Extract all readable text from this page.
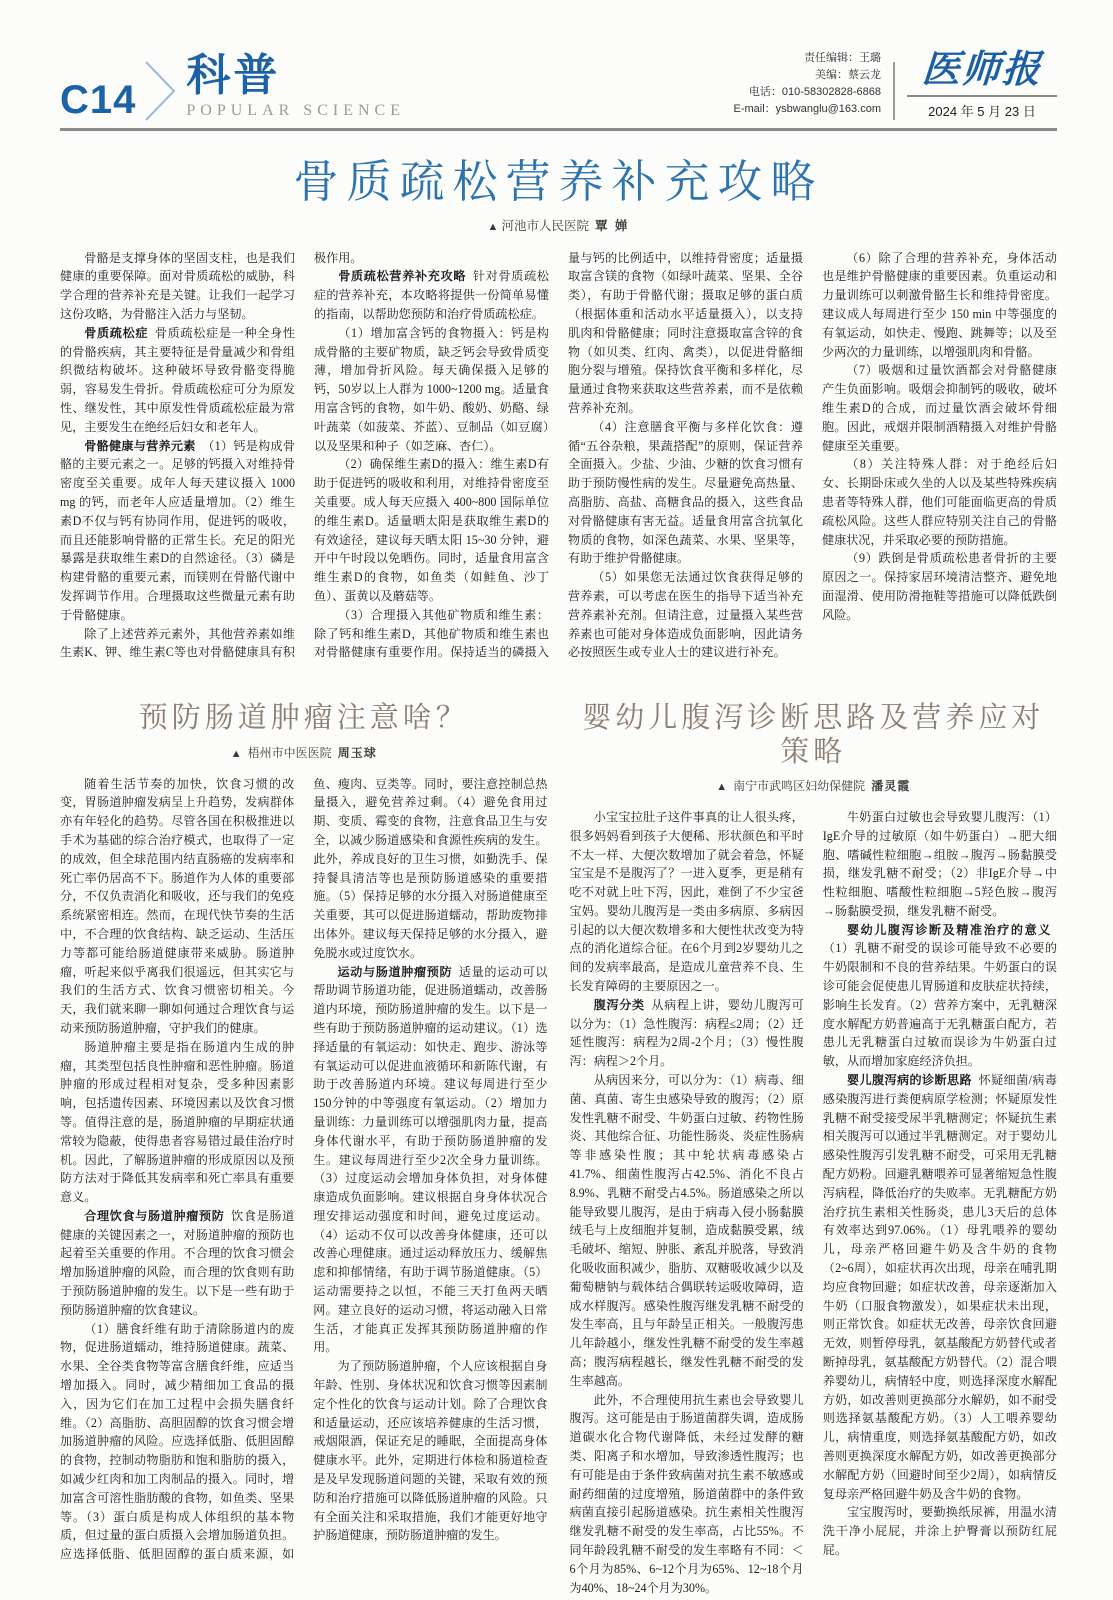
C14 科普
POPULAR SCIENCE
责任编辑：王璐
美编：蔡云龙
电话：010-58302828-6868
E-mail：ysbwanglu@163.com
医师报
2024 年 5 月 23 日
骨质疏松营养补充攻略
▲ 河池市人民医院 覃 婵

骨骼是支撑身体的坚固支柱，也是我们健康的重要保障。面对骨质疏松的威胁，科学合理的营养补充是关键。让我们一起学习这份攻略，为骨骼注入活力与坚韧。

骨质疏松症 骨质疏松症是一种全身性的骨骼疾病，其主要特征是骨量减少和骨组织微结构破坏。这种破坏导致骨骼变得脆弱，容易发生骨折。骨质疏松症可分为原发性、继发性，其中原发性骨质疏松症最为常见，主要发生在绝经后妇女和老年人。

骨骼健康与营养元素 （1）钙是构成骨骼的主要元素之一。足够的钙摄入对维持骨密度至关重要。成年人每天建议摄入 1000 mg 的钙，而老年人应适量增加。（2）维生素D不仅与钙有协同作用，促进钙的吸收，而且还能影响骨骼的正常生长。充足的阳光暴露是获取维生素D的自然途径。（3）磷是构建骨骼的重要元素，而镁则在骨骼代谢中发挥调节作用。合理摄取这些微量元素有助于骨骼健康。

除了上述营养元素外，其他营养素如维生素K、钾、维生素C等也对骨骼健康具有积极作用。

骨质疏松营养补充攻略 针对骨质疏松症的营养补充，本攻略将提供一份简单易懂的指南，以帮助您预防和治疗骨质疏松症。

（1）增加富含钙的食物摄入：钙是构成骨骼的主要矿物质，缺乏钙会导致骨质变薄，增加骨折风险。每天确保摄入足够的钙，50岁以上人群为 1000~1200 mg。适量食用富含钙的食物，如牛奶、酸奶、奶酪、绿叶蔬菜（如菠菜、芥蓝）、豆制品（如豆腐）以及坚果和种子（如芝麻、杏仁）。

（2）确保维生素D的摄入：维生素D有助于促进钙的吸收和利用，对维持骨密度至关重要。成人每天应摄入 400~800 国际单位的维生素D。适量晒太阳是获取维生素D的有效途径，建议每天晒太阳 15~30 分钟，避开中午时段以免晒伤。同时，适量食用富含维生素D的食物，如鱼类（如鲑鱼、沙丁鱼）、蛋黄以及蘑菇等。

（3）合理摄入其他矿物质和维生素：除了钙和维生素D，其他矿物质和维生素也对骨骼健康有重要作用。保持适当的磷摄入量与钙的比例适中，以维持骨密度；适量摄取富含镁的食物（如绿叶蔬菜、坚果、全谷类），有助于骨骼代谢；摄取足够的蛋白质（根据体重和活动水平适量摄入），以支持肌肉和骨骼健康；同时注意摄取富含锌的食物（如贝类、红肉、禽类），以促进骨骼细胞分裂与增殖。保持饮食平衡和多样化，尽量通过食物来获取这些营养素，而不是依赖营养补充剂。

（4）注意膳食平衡与多样化饮食：遵循“五谷杂粮，果蔬搭配”的原则，保证营养全面摄入。少盐、少油、少糖的饮食习惯有助于预防慢性病的发生。尽量避免高热量、高脂肪、高盐、高糖食品的摄入，这些食品对骨骼健康有害无益。适量食用富含抗氧化物质的食物，如深色蔬菜、水果、坚果等，有助于维护骨骼健康。

（5）如果您无法通过饮食获得足够的营养素，可以考虑在医生的指导下适当补充营养素补充剂。但请注意，过量摄入某些营养素也可能对身体造成负面影响，因此请务必按照医生或专业人士的建议进行补充。

（6）除了合理的营养补充，身体活动也是维护骨骼健康的重要因素。负重运动和力量训练可以刺激骨骼生长和维持骨密度。建议成人每周进行至少 150 min 中等强度的有氧运动，如快走、慢跑、跳舞等；以及至少两次的力量训练，以增强肌肉和骨骼。

（7）吸烟和过量饮酒都会对骨骼健康产生负面影响。吸烟会抑制钙的吸收，破坏维生素D的合成，而过量饮酒会破坏骨细胞。因此，戒烟并限制酒精摄入对维护骨骼健康至关重要。

（8）关注特殊人群：对于绝经后妇女、长期卧床或久坐的人以及某些特殊疾病患者等特殊人群，他们可能面临更高的骨质疏松风险。这些人群应特别关注自己的骨骼健康状况，并采取必要的预防措施。

（9）跌倒是骨质疏松患者骨折的主要原因之一。保持家居环境清洁整齐、避免地面湿滑、使用防滑拖鞋等措施可以降低跌倒风险。

预防肠道肿瘤注意啥？
▲ 梧州市中医医院 周玉球

随着生活节奏的加快，饮食习惯的改变，胃肠道肿瘤发病呈上升趋势，发病群体亦有年轻化的趋势。尽管各国在积极推进以手术为基础的综合治疗模式，也取得了一定的成效，但全球范围内结直肠癌的发病率和死亡率仍居高不下。肠道作为人体的重要部分，不仅负责消化和吸收，还与我们的免疫系统紧密相连。然而，在现代快节奏的生活中，不合理的饮食结构、缺乏运动、生活压力等都可能给肠道健康带来威胁。肠道肿瘤，听起来似乎离我们很遥远，但其实它与我们的生活方式、饮食习惯密切相关。今天，我们就来聊一聊如何通过合理饮食与运动来预防肠道肿瘤，守护我们的健康。

肠道肿瘤主要是指在肠道内生成的肿瘤，其类型包括良性肿瘤和恶性肿瘤。肠道肿瘤的形成过程相对复杂，受多种因素影响，包括遗传因素、环境因素以及饮食习惯等。值得注意的是，肠道肿瘤的早期症状通常较为隐蔽，使得患者容易错过最佳治疗时机。因此，了解肠道肿瘤的形成原因以及预防方法对于降低其发病率和死亡率具有重要意义。

合理饮食与肠道肿瘤预防 饮食是肠道健康的关键因素之一，对肠道肿瘤的预防也起着至关重要的作用。不合理的饮食习惯会增加肠道肿瘤的风险，而合理的饮食则有助于预防肠道肿瘤的发生。以下是一些有助于预防肠道肿瘤的饮食建议。

（1）膳食纤维有助于清除肠道内的废物，促进肠道蠕动，维持肠道健康。蔬菜、水果、全谷类食物等富含膳食纤维，应适当增加摄入。同时，减少精细加工食品的摄入，因为它们在加工过程中会损失膳食纤维。（2）高脂肪、高胆固醇的饮食习惯会增加肠道肿瘤的风险。应选择低脂、低胆固醇的食物，控制动物脂肪和饱和脂肪的摄入，如减少红肉和加工肉制品的摄入。同时，增加富含可溶性脂肪酸的食物，如鱼类、坚果等。（3）蛋白质是构成人体组织的基本物质，但过量的蛋白质摄入会增加肠道负担。应选择低脂、低胆固醇的蛋白质来源，如鱼、瘦肉、豆类等。同时，要注意控制总热量摄入，避免营养过剩。（4）避免食用过期、变质、霉变的食物，注意食品卫生与安全，以减少肠道感染和食源性疾病的发生。此外，养成良好的卫生习惯，如勤洗手、保持餐具清洁等也是预防肠道感染的重要措施。（5）保持足够的水分摄入对肠道健康至关重要，其可以促进肠道蠕动，帮助废物排出体外。建议每天保持足够的水分摄入，避免脱水或过度饮水。

运动与肠道肿瘤预防 适量的运动可以帮助调节肠道功能，促进肠道蠕动，改善肠道内环境，预防肠道肿瘤的发生。以下是一些有助于预防肠道肿瘤的运动建议。（1）选择适量的有氧运动：如快走、跑步、游泳等有氧运动可以促进血液循环和新陈代谢，有助于改善肠道内环境。建议每周进行至少150分钟的中等强度有氧运动。（2）增加力量训练：力量训练可以增强肌肉力量，提高身体代谢水平，有助于预防肠道肿瘤的发生。建议每周进行至少2次全身力量训练。（3）过度运动会增加身体负担，对身体健康造成负面影响。建议根据自身身体状况合理安排运动强度和时间，避免过度运动。（4）运动不仅可以改善身体健康，还可以改善心理健康。通过运动释放压力、缓解焦虑和抑郁情绪，有助于调节肠道健康。（5）运动需要持之以恒，不能三天打鱼两天晒网。建立良好的运动习惯，将运动融入日常生活，才能真正发挥其预防肠道肿瘤的作用。

为了预防肠道肿瘤，个人应该根据自身年龄、性别、身体状况和饮食习惯等因素制定个性化的饮食与运动计划。除了合理饮食和适量运动，还应该培养健康的生活习惯，戒烟限酒，保证充足的睡眠，全面提高身体健康水平。此外，定期进行体检和肠道检查是及早发现肠道问题的关键，采取有效的预防和治疗措施可以降低肠道肿瘤的风险。只有全面关注和采取措施，我们才能更好地守护肠道健康，预防肠道肿瘤的发生。

婴幼儿腹泻诊断思路及营养应对策略
▲ 南宁市武鸣区妇幼保健院 潘灵霞

小宝宝拉肚子这件事真的让人很头疼，很多妈妈看到孩子大便稀、形状颜色和平时不太一样、大便次数增加了就会着急，怀疑宝宝是不是腹泻了？一进入夏季，更是稍有吃不对就上吐下泻，因此，难倒了不少宝爸宝妈。婴幼儿腹泻是一类由多病原、多病因引起的以大便次数增多和大便性状改变为特点的消化道综合征。在6个月到2岁婴幼儿之间的发病率最高，是造成儿童营养不良、生长发育障碍的主要原因之一。

腹泻分类 从病程上讲，婴幼儿腹泻可以分为：（1）急性腹泻：病程≤2周；（2）迁延性腹泻：病程为2周-2个月；（3）慢性腹泻：病程＞2个月。

从病因来分，可以分为：（1）病毒、细菌、真菌、寄生虫感染导致的腹泻；（2）原发性乳糖不耐受、牛奶蛋白过敏、药物性肠炎、其他综合征、功能性肠炎、炎症性肠病等非感染性腹；其中轮状病毒感染占41.7%、细菌性腹泻占42.5%、消化不良占8.9%、乳糖不耐受占4.5%。肠道感染之所以能导致婴儿腹泻，是由于病毒入侵小肠黏膜绒毛与上皮细胞并复制，造成黏膜受累，绒毛破坏、缩短、肿胀、紊乱并脱落，导致消化吸收面积减少，脂肪、双糖吸收减少以及葡萄糖钠与载体结合偶联转运吸收障碍，造成水样腹泻。感染性腹泻继发乳糖不耐受的发生率高，且与年龄呈正相关。一般腹泻患儿年龄越小，继发性乳糖不耐受的发生率越高；腹泻病程越长，继发性乳糖不耐受的发生率越高。

此外，不合理使用抗生素也会导致婴儿腹泻。这可能是由于肠道菌群失调，造成肠道碳水化合物代谢降低，未经过发酵的糖类、阳离子和水增加，导致渗透性腹泻；也有可能是由于条件致病菌对抗生素不敏感或耐药细菌的过度增殖，肠道菌群中的条件致病菌直接引起肠道感染。抗生素相关性腹泻继发乳糖不耐受的发生率高，占比55%。不同年龄段乳糖不耐受的发生率略有不同：＜6个月为85%、6~12个月为65%、12~18个月为40%、18~24个月为30%。

牛奶蛋白过敏也会导致婴儿腹泻：（1）IgE介导的过敏原（如牛奶蛋白）→肥大细胞、嗜碱性粒细胞→组胺→腹泻→肠黏膜受损，继发乳糖不耐受；（2）非IgE介导→中性粒细胞、嗜酸性粒细胞→5羟色胺→腹泻→肠黏膜受损，继发乳糖不耐受。

婴幼儿腹泻诊断及精准治疗的意义（1）乳糖不耐受的误诊可能导致不必要的牛奶限制和不良的营养结果。牛奶蛋白的误诊可能会促使患儿胃肠道和皮肤症状持续，影响生长发育。（2）营养方案中，无乳糖深度水解配方奶普遍高于无乳糖蛋白配方，若患儿无乳糖蛋白过敏而误诊为牛奶蛋白过敏，从而增加家庭经济负担。

婴儿腹泻病的诊断思路 怀疑细菌/病毒感染腹泻进行粪便病原学检测；怀疑原发性乳糖不耐受接受尿半乳糖测定；怀疑抗生素相关腹泻可以通过半乳糖测定。对于婴幼儿感染性腹泻引发乳糖不耐受，可采用无乳糖配方奶粉。回避乳糖喂养可显著缩短急性腹泻病程，降低治疗的失败率。无乳糖配方奶治疗抗生素相关性肠炎，患儿3天后的总体有效率达到97.06%。（1）母乳喂养的婴幼儿，母亲严格回避牛奶及含牛奶的食物（2~6周），如症状再次出现，母亲在哺乳期均应食物回避；如症状改善，母亲逐渐加入牛奶（口服食物激发），如果症状未出现，则正常饮食。如症状无改善，母亲饮食回避无效，则暂停母乳，氨基酸配方奶替代或者断掉母乳，氨基酸配方奶替代。（2）混合喂养婴幼儿，病情轻中度，则选择深度水解配方奶，如改善则更换部分水解奶，如不耐受则选择氨基酸配方奶。（3）人工喂养婴幼儿，病情重度，则选择氨基酸配方奶，如改善则更换深度水解配方奶，如改善更换部分水解配方奶（回避时间至少2周），如病情反复母亲严格回避牛奶及含牛奶的食物。

宝宝腹泻时，要勤换纸尿裤，用温水清洗干净小屁屁，并涂上护臀膏以预防红屁屁。
